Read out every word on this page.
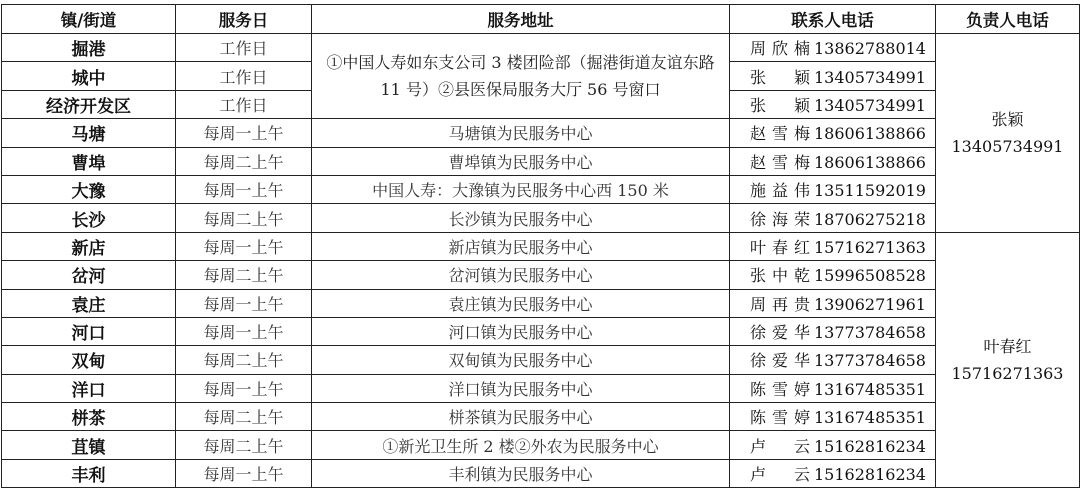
镇/街道	服务日	服务地址	联系人电话	负责人电话
掘港	工作日	①中国人寿如东支公司 3 楼团险部（掘港街道友谊东路 11 号）②县医保局服务大厅 56 号窗口	周欣楠 13862788014	张颖
13405734991

城中	工作日		张　颖 13405734991	
经济开发区	工作日		张　颖 13405734991	
马塘	每周一上午	马塘镇为民服务中心	赵雪梅 18606138866	
曹埠	每周二上午	曹埠镇为民服务中心	赵雪梅 18606138866	
大豫	每周一上午	中国人寿：大豫镇为民服务中心西 150 米	施益伟 13511592019	
长沙	每周二上午	长沙镇为民服务中心	徐海荣 18706275218	
新店	每周一上午	新店镇为民服务中心	叶春红 15716271363	叶春红
15716271363

岔河	每周二上午	岔河镇为民服务中心	张中乾 15996508528	
袁庄	每周一上午	袁庄镇为民服务中心	周再贵 13906271961	
河口	每周一上午	河口镇为民服务中心	徐爱华 13773784658	
双甸	每周二上午	双甸镇为民服务中心	徐爱华 13773784658	
洋口	每周一上午	洋口镇为民服务中心	陈雪婷 13167485351	
栟茶	每周二上午	栟茶镇为民服务中心	陈雪婷 13167485351	
苴镇	每周二上午	①新光卫生所 2 楼②外农为民服务中心	卢　云 15162816234	
丰利	每周一上午	丰利镇为民服务中心	卢　云 15162816234	
